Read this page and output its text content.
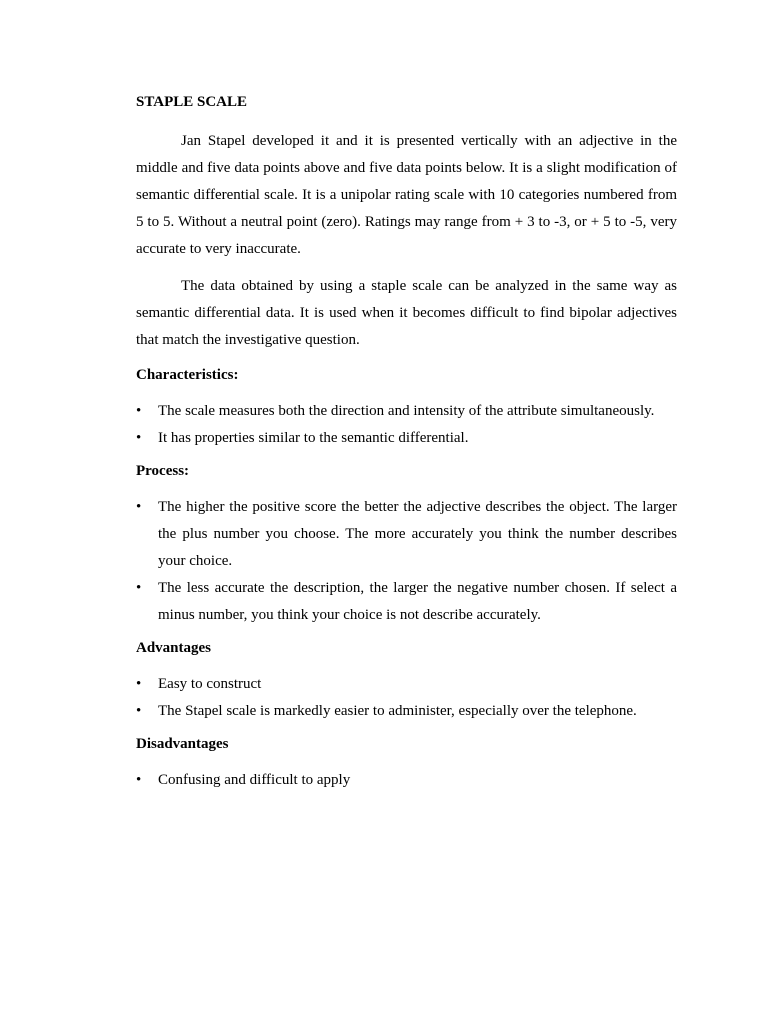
STAPLE SCALE

Jan Stapel developed it and it is presented vertically with an adjective in the middle and five data points above and five data points below. It is a slight modification of semantic differential scale. It is a unipolar rating scale with 10 categories numbered from 5 to 5. Without a neutral point (zero). Ratings may range from + 3 to -3, or + 5 to -5, very accurate to very inaccurate.

The data obtained by using a staple scale can be analyzed in the same way as semantic differential data. It is used when it becomes difficult to find bipolar adjectives that match the investigative question.

Characteristics:

• The scale measures both the direction and intensity of the attribute simultaneously.
• It has properties similar to the semantic differential.

Process:

• The higher the positive score the better the adjective describes the object. The larger the plus number you choose. The more accurately you think the number describes your choice.
• The less accurate the description, the larger the negative number chosen. If select a minus number, you think your choice is not describe accurately.

Advantages

• Easy to construct
• The Stapel scale is markedly easier to administer, especially over the telephone.

Disadvantages

• Confusing and difficult to apply
